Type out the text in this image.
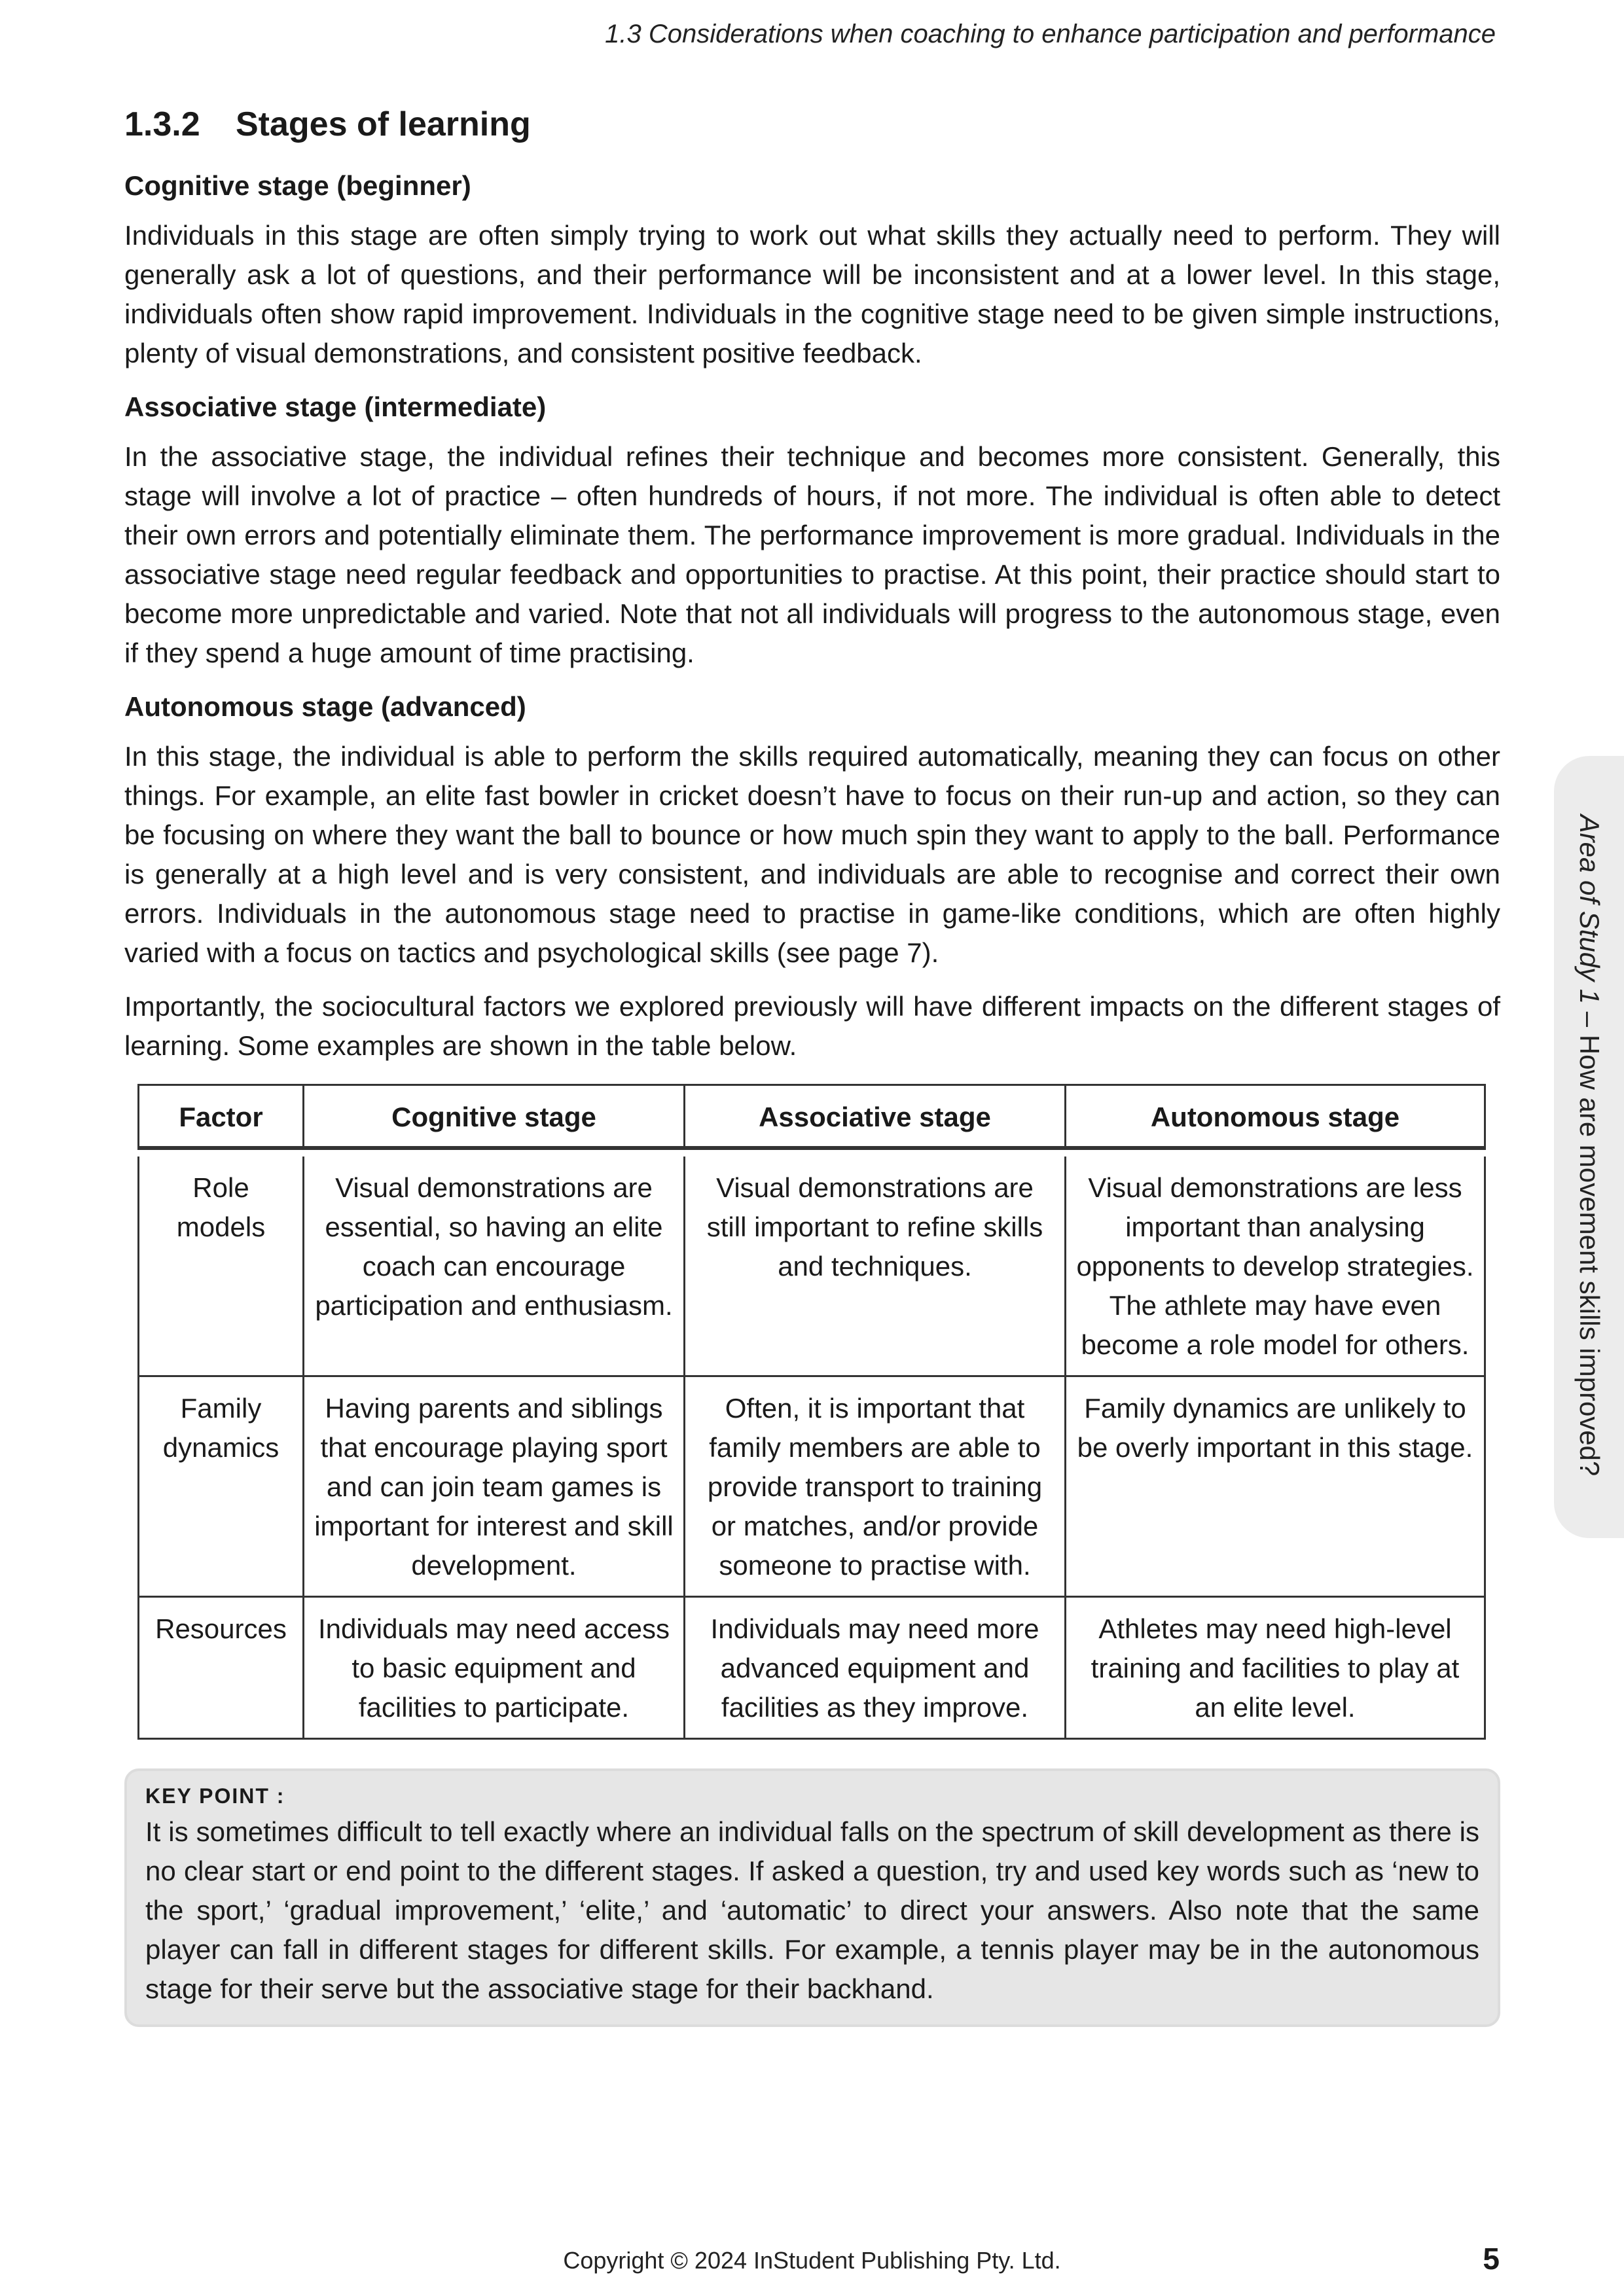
1.3 Considerations when coaching to enhance participation and performance
1.3.2 Stages of learning
Cognitive stage (beginner)

Individuals in this stage are often simply trying to work out what skills they actually need to perform. They will generally ask a lot of questions, and their performance will be inconsistent and at a lower level. In this stage, individuals often show rapid improvement. Individuals in the cognitive stage need to be given simple instructions, plenty of visual demonstrations, and consistent positive feedback.

Associative stage (intermediate)

In the associative stage, the individual refines their technique and becomes more consistent. Generally, this stage will involve a lot of practice – often hundreds of hours, if not more. The individual is often able to detect their own errors and potentially eliminate them. The performance improvement is more gradual. Individuals in the associative stage need regular feedback and opportunities to practise. At this point, their practice should start to become more unpredictable and varied. Note that not all individuals will progress to the autonomous stage, even if they spend a huge amount of time practising.

Autonomous stage (advanced)

In this stage, the individual is able to perform the skills required automatically, meaning they can focus on other things. For example, an elite fast bowler in cricket doesn’t have to focus on their run-up and action, so they can be focusing on where they want the ball to bounce or how much spin they want to apply to the ball. Performance is generally at a high level and is very consistent, and individuals are able to recognise and correct their own errors. Individuals in the autonomous stage need to practise in game-like conditions, which are often highly varied with a focus on tactics and psychological skills (see page 7).

Importantly, the sociocultural factors we explored previously will have different impacts on the different stages of learning. Some examples are shown in the table below.

Factor	Cognitive stage	Associative stage	Autonomous stage

Role models	Visual demonstrations are essential, so having an elite coach can encourage participation and enthusiasm.	Visual demonstrations are still important to refine skills and techniques.	Visual demonstrations are less important than analysing opponents to develop strategies. The athlete may have even become a role model for others.
Family dynamics	Having parents and siblings that encourage playing sport and can join team games is important for interest and skill development.	Often, it is important that family members are able to provide transport to training or matches, and/or provide someone to practise with.	Family dynamics are unlikely to be overly important in this stage.
Resources	Individuals may need access to basic equipment and facilities to participate.	Individuals may need more advanced equipment and facilities as they improve.	Athletes may need high-level training and facilities to play at an elite level.
KEY POINT :
It is sometimes difficult to tell exactly where an individual falls on the spectrum of skill development as there is no clear start or end point to the different stages. If asked a question, try and used key words such as ‘new to the sport,’ ‘gradual improvement,’ ‘elite,’ and ‘automatic’ to direct your answers. Also note that the same player can fall in different stages for different skills. For example, a tennis player may be in the autonomous stage for their serve but the associative stage for their backhand.
Area of Study 1 – How are movement skills improved?
Copyright © 2024 InStudent Publishing Pty. Ltd.	5
